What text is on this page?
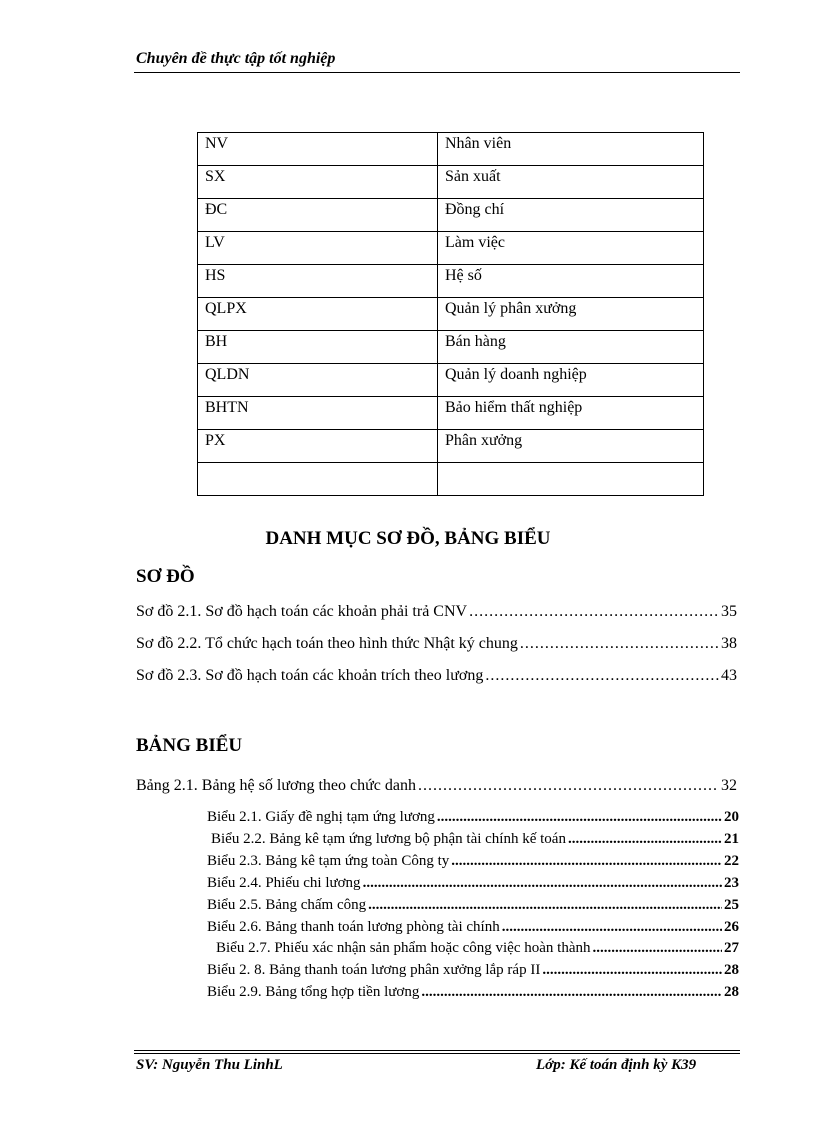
Chuyên đề thực tập tốt nghiệp
NV	Nhân viên
SX	Sản xuất
ĐC	Đồng chí
LV	Làm việc
HS	Hệ số
QLPX	Quản lý phân xưởng
BH	Bán hàng
QLDN	Quản lý doanh nghiệp
BHTN	Bảo hiểm thất nghiệp
PX	Phân xưởng

DANH MỤC SƠ ĐỒ, BẢNG BIỂU
SƠ ĐỒ
Sơ đồ 2.1. Sơ đồ hạch toán các khoản phải trả CNV .....	35
Sơ đồ 2.2. Tổ chức hạch toán theo hình thức Nhật ký chung .....	38
Sơ đồ 2.3. Sơ đồ hạch toán các khoản trích theo lương .....	43
BẢNG BIỂU
Bảng 2.1. Bảng hệ số lương theo chức danh .....	32
Biểu 2.1. Giấy đề nghị tạm ứng lương .....	20
Biểu 2.2. Bảng kê tạm ứng lương bộ phận tài chính kế toán .....	21
Biểu 2.3. Bảng kê tạm ứng toàn Công ty .....	22
Biểu 2.4. Phiếu chi lương .....	23
Biểu 2.5. Bảng chấm công .....	25
Biểu 2.6. Bảng thanh toán lương phòng tài chính .....	26
Biểu 2.7. Phiếu xác nhận sản phẩm hoặc công việc hoàn thành .....	27
Biểu 2. 8. Bảng thanh toán lương phân xưởng lắp ráp II .....	28
Biểu 2.9. Bảng tổng hợp tiền lương .....	28
SV: Nguyễn Thu LinhL	Lớp: Kế toán định kỳ K39
